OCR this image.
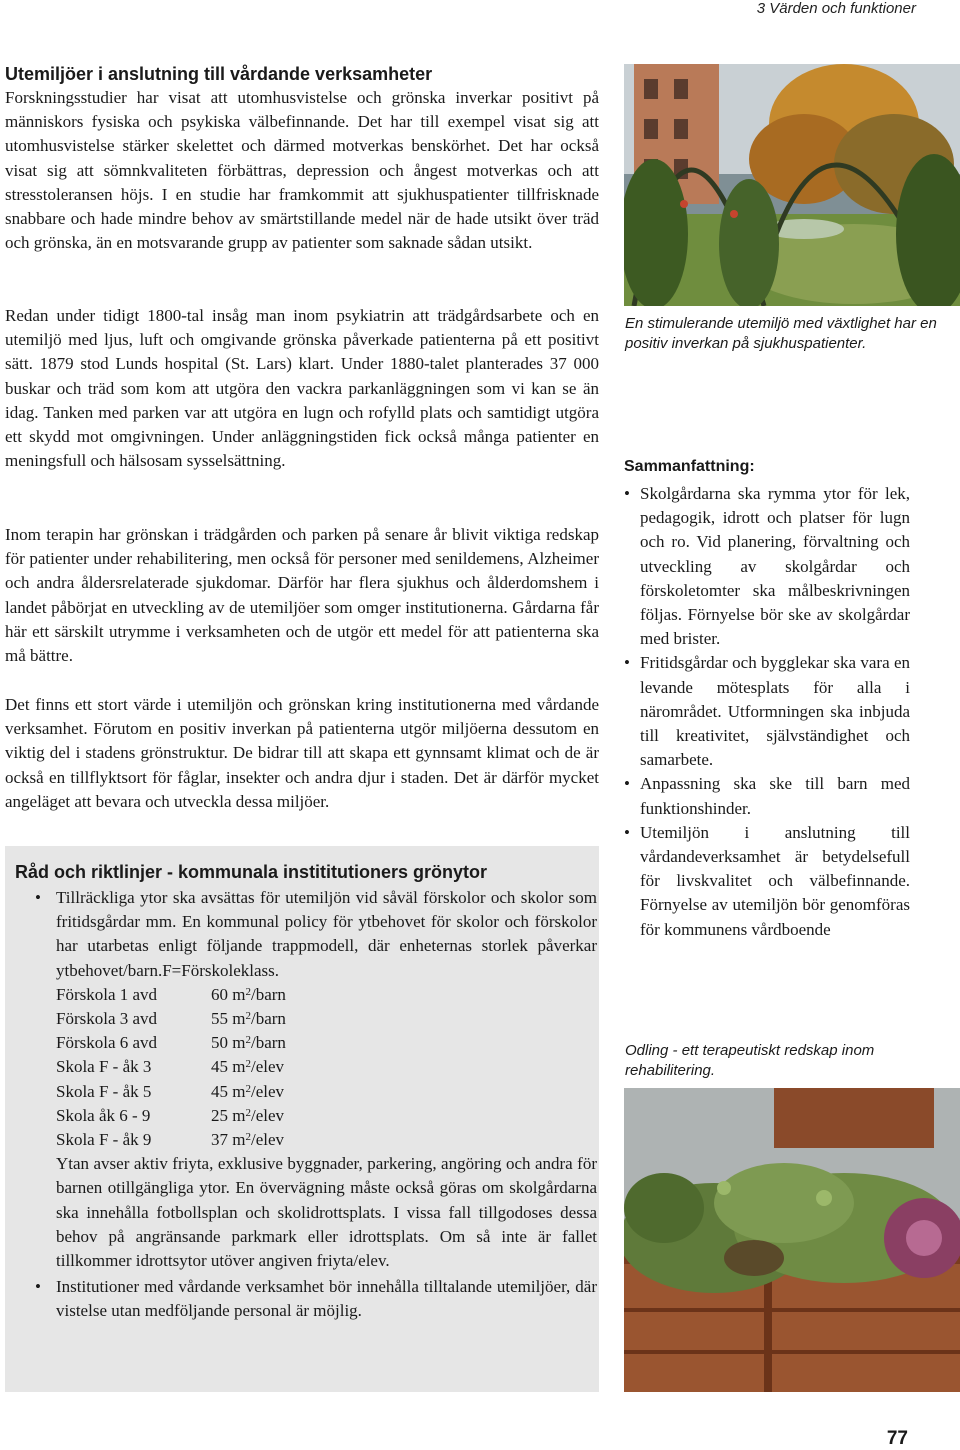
3 Värden och funktioner
Utemiljöer i anslutning till vårdande verksamheter

Forskningsstudier har visat att utomhusvistelse och grönska inverkar positivt på människors fysiska och psykiska välbefinnande. Det har till exempel visat sig att utomhusvistelse stärker skelettet och därmed motverkas benskörhet. Det har också visat sig att sömnkvaliteten förbättras, depression och ångest motverkas och att stresstoleransen höjs. I en studie har framkommit att sjukhuspatienter tillfrisknade snabbare och hade mindre behov av smärtstillande medel när de hade utsikt över träd och grönska, än en motsvarande grupp av patienter som saknade sådan utsikt.

Redan under tidigt 1800-tal insåg man inom psykiatrin att trädgårdsarbete och en utemiljö med ljus, luft och omgivande grönska påverkade patienterna på ett positivt sätt. 1879 stod Lunds hospital (St. Lars) klart. Under 1880-talet planterades 37 000 buskar och träd som kom att utgöra den vackra parkanläggningen som vi kan se än idag. Tanken med parken var att utgöra en lugn och rofylld plats och samtidigt utgöra ett skydd mot omgivningen. Under anläggningstiden fick också många patienter en meningsfull och hälsosam sysselsättning.

Inom terapin har grönskan i trädgården och parken på senare år blivit viktiga redskap för patienter under rehabilitering, men också för personer med senildemens, Alzheimer och andra åldersrelaterade sjukdomar. Därför har flera sjukhus och ålderdomshem i landet påbörjat en utveckling av de utemiljöer som omger institutionerna. Gårdarna får här ett särskilt utrymme i verksamheten och de utgör ett medel för att patienterna ska må bättre.

Det finns ett stort värde i utemiljön och grönskan kring institutionerna med vårdande verksamhet. Förutom en positiv inverkan på patienterna utgör miljöerna dessutom en viktig del i stadens grönstruktur. De bidrar till att skapa ett gynnsamt klimat och de är också en tillflyktsort för fåglar, insekter och andra djur i staden. Det är därför mycket angeläget att bevara och utveckla dessa miljöer.

Råd och riktlinjer - kommunala instititutioners grönytor
• Tillräckliga ytor ska avsättas för utemiljön vid såväl förskolor och skolor som fritidsgårdar mm. En kommunal policy för ytbehovet för skolor och förskolor har utarbetas enligt följande trappmodell, där enheternas storlek påverkar ytbehovet/barn.F=Förskoleklass.
Förskola 1 avd	60 $m^2$/barn
Förskola 3 avd	55 $m^2$/barn
Förskola 6 avd	50 $m^2$/barn
Skola F - åk 3	45 $m^2$/elev
Skola F - åk 5	45 $m^2$/elev
Skola åk 6 - 9	25 $m^2$/elev
Skola F - åk 9	37 $m^2$/elev
Ytan avser aktiv friyta, exklusive byggnader, parkering, angöring och andra för barnen otillgängliga ytor. En övervägning måste också göras om skolgårdarna ska innehålla fotbollsplan och skolidrottsplats. I vissa fall tillgodoses dessa behov på angränsande parkmark eller idrottsplats. Om så inte är fallet tillkommer idrottsytor utöver angiven friyta/elev.
• Institutioner med vårdande verksamhet bör innehålla tilltalande utemiljöer, där vistelse utan medföljande personal är möjlig.
En stimulerande utemiljö med växtlighet har en positiv inverkan på sjukhuspatienter.
Sammanfattning:
• Skolgårdarna ska rymma ytor för lek, pedagogik, idrott och platser för lugn och ro. Vid planering, förvaltning och utveckling av skolgårdar och förskoletomter ska målbeskrivningen följas. Förnyelse bör ske av skolgårdar med brister.
• Fritidsgårdar och bygglekar ska vara en levande mötesplats för alla i närområdet. Utformningen ska inbjuda till kreativitet, självständighet och samarbete.
• Anpassning ska ske till barn med funktionshinder.
• Utemiljön i anslutning till vårdandeverksamhet är betydelsefull för livskvalitet och välbefinnande. Förnyelse av utemiljön bör genomföras för kommunens vårdboende
Odling - ett terapeutiskt redskap inom rehabilitering.
77
